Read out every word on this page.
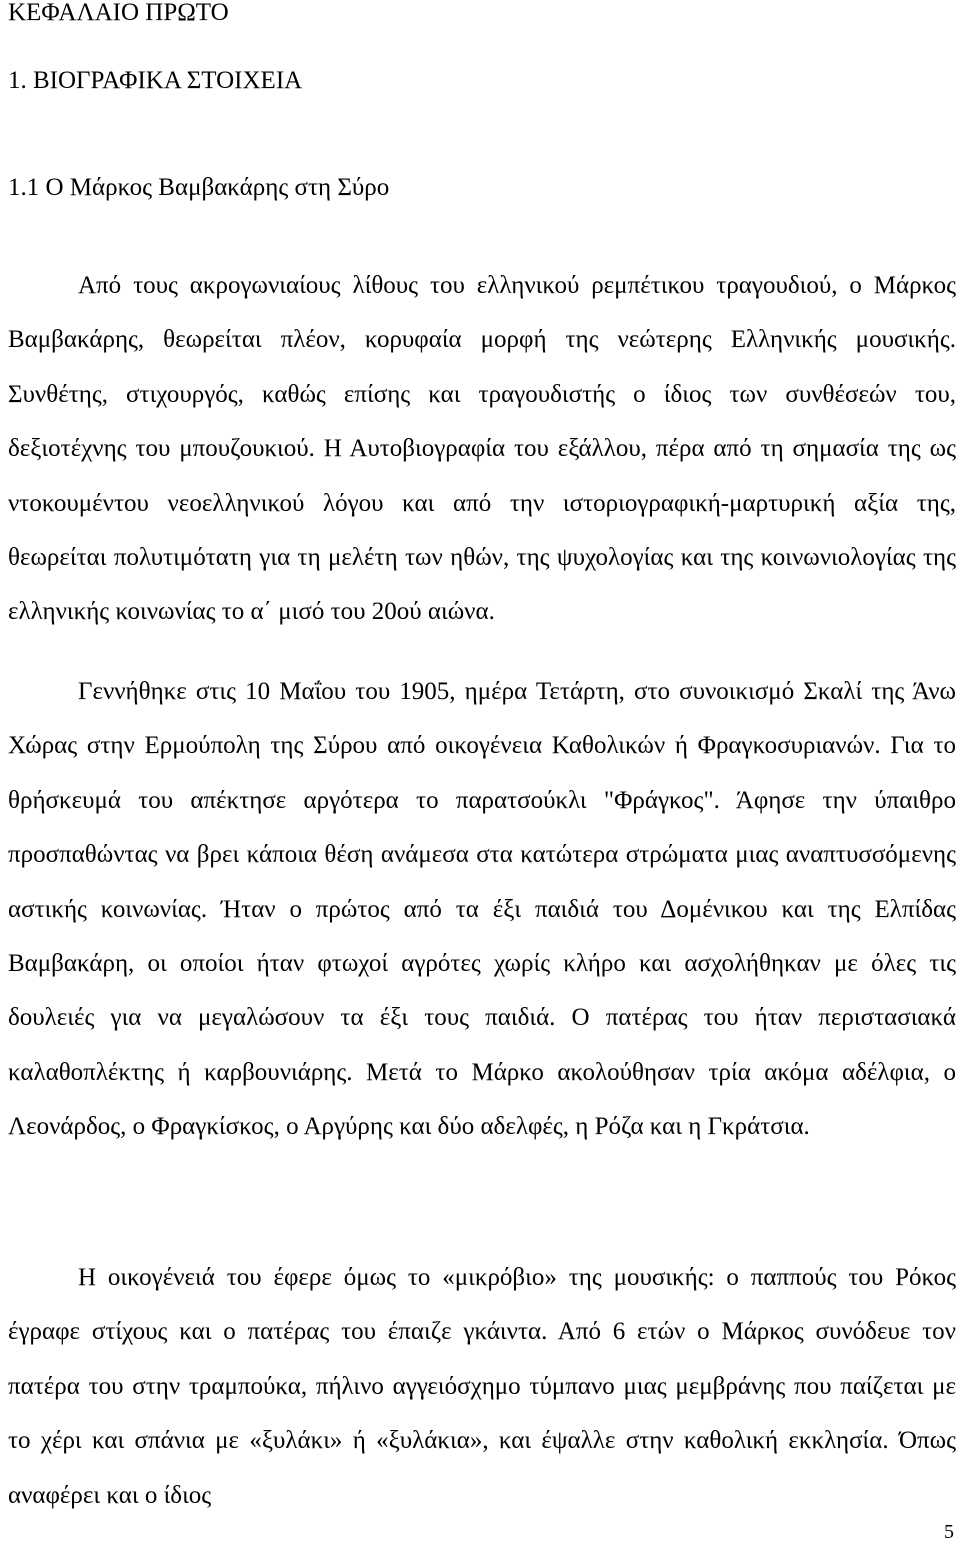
ΚΕΦΑΛΑΙΟ ΠΡΩΤΟ
1. ΒΙΟΓΡΑΦΙΚΑ ΣΤΟΙΧΕΙΑ
1.1 Ο Μάρκος Βαμβακάρης στη Σύρο

Από τους ακρογωνιαίους λίθους του ελληνικού ρεμπέτικου τραγουδιού, ο Μάρκος Βαμβακάρης, θεωρείται πλέον, κορυφαία μορφή της νεώτερης Ελληνικής μουσικής. Συνθέτης, στιχουργός, καθώς επίσης και τραγουδιστής ο ίδιος των συνθέσεών του, δεξιοτέχνης του μπουζουκιού. Η Αυτοβιογραφία του εξάλλου, πέρα από τη σημασία της ως ντοκουμέντου νεοελληνικού λόγου και από την ιστοριογραφική-μαρτυρική αξία της, θεωρείται πολυτιμότατη για τη μελέτη των ηθών, της ψυχολογίας και της κοινωνιολογίας της ελληνικής κοινωνίας το α΄ μισό του 20ού αιώνα.

Γεννήθηκε στις 10 Μαΐου του 1905, ημέρα Τετάρτη, στο συνοικισμό Σκαλί της Άνω Χώρας στην Ερμούπολη της Σύρου από οικογένεια Καθολικών ή Φραγκοσυριανών. Για το θρήσκευμά του απέκτησε αργότερα το παρατσούκλι "Φράγκος". Άφησε την ύπαιθρο προσπαθώντας να βρει κάποια θέση ανάμεσα στα κατώτερα στρώματα μιας αναπτυσσόμενης αστικής κοινωνίας. Ήταν ο πρώτος από τα έξι παιδιά του Δομένικου και της Ελπίδας Βαμβακάρη, οι οποίοι ήταν φτωχοί αγρότες χωρίς κλήρο και ασχολήθηκαν με όλες τις δουλειές για να μεγαλώσουν τα έξι τους παιδιά. Ο πατέρας του ήταν περιστασιακά καλαθοπλέκτης ή καρβουνιάρης. Μετά το Μάρκο ακολούθησαν τρία ακόμα αδέλφια, ο Λεονάρδος, ο Φραγκίσκος, ο Αργύρης και δύο αδελφές, η Ρόζα και η Γκράτσια.

Η οικογένειά του έφερε όμως το «μικρόβιο» της μουσικής: ο παππούς του Ρόκος έγραφε στίχους και ο πατέρας του έπαιζε γκάιντα. Από 6 ετών ο Μάρκος συνόδευε τον πατέρα του στην τραμπούκα, πήλινο αγγειόσχημο τύμπανο μιας μεμβράνης που παίζεται με το χέρι και σπάνια με «ξυλάκι» ή «ξυλάκια», και έψαλλε στην καθολική εκκλησία. Όπως αναφέρει και ο ίδιος

5
